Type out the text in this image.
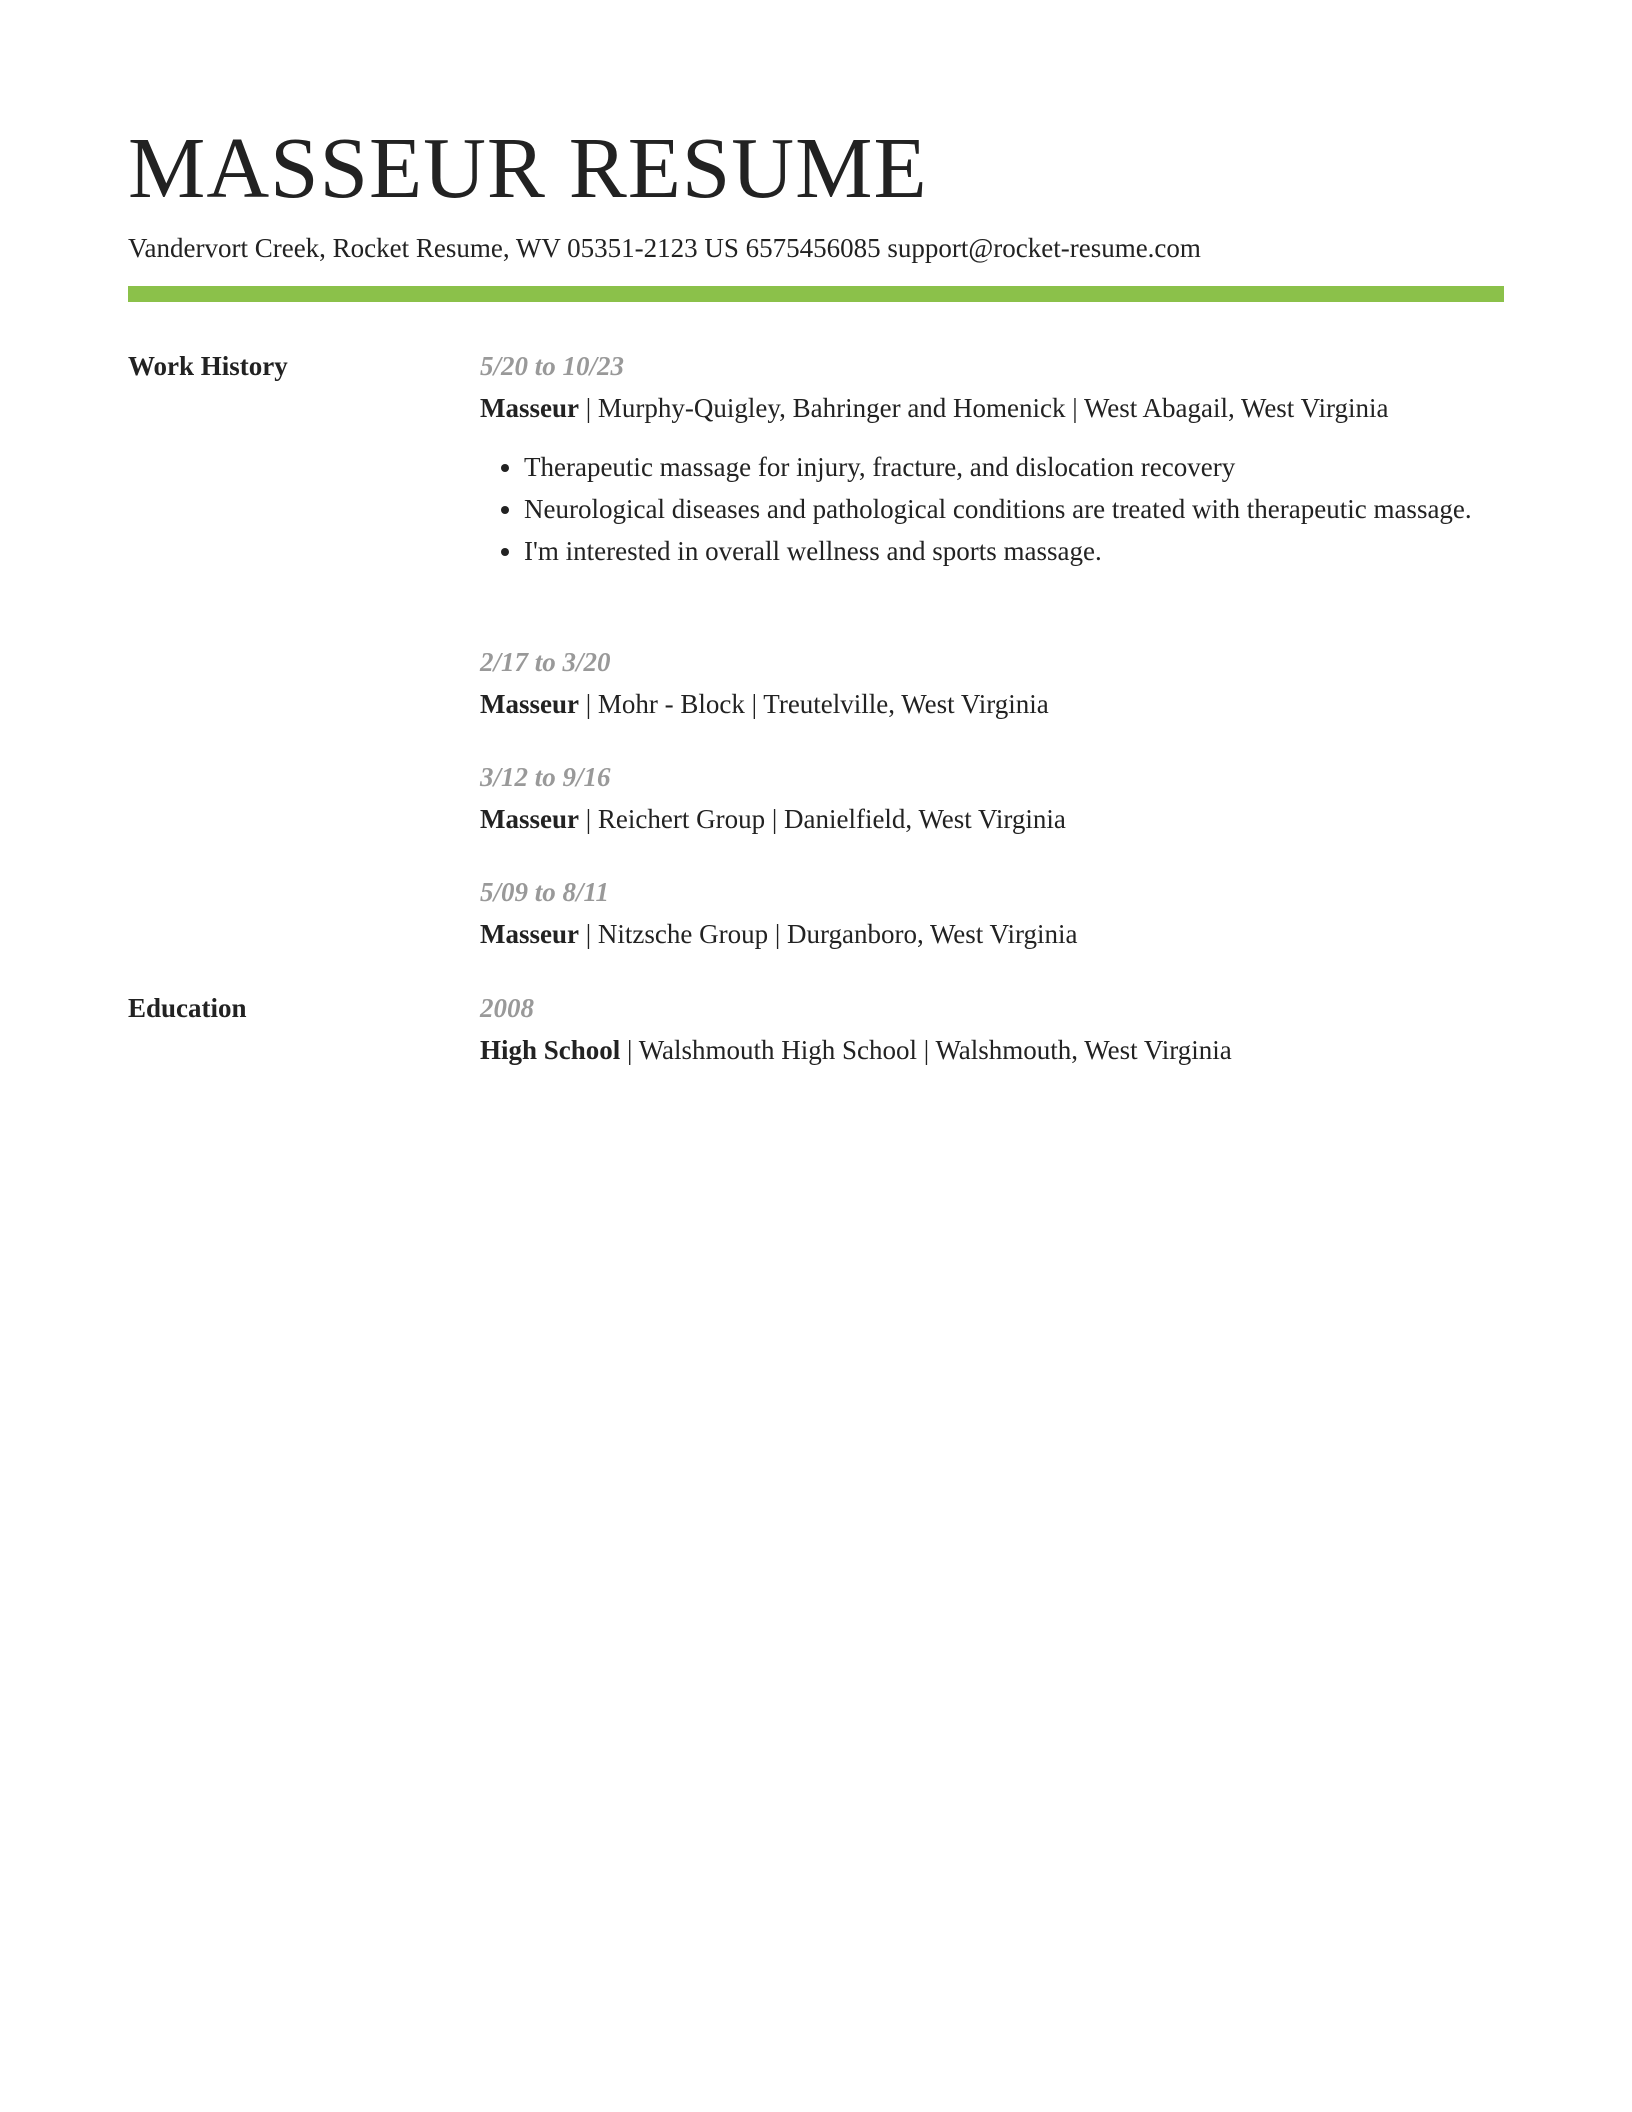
MASSEUR RESUME
Vandervort Creek, Rocket Resume, WV 05351-2123 US 6575456085 support@rocket-resume.com
Work History	5/20 to 10/23
Masseur | Murphy-Quigley, Bahringer and Homenick | West Abagail, West Virginia
• Therapeutic massage for injury, fracture, and dislocation recovery
• Neurological diseases and pathological conditions are treated with therapeutic massage.
• I'm interested in overall wellness and sports massage.
2/17 to 3/20
Masseur | Mohr - Block | Treutelville, West Virginia
3/12 to 9/16
Masseur | Reichert Group | Danielfield, West Virginia
5/09 to 8/11
Masseur | Nitzsche Group | Durganboro, West Virginia
Education	2008
High School | Walshmouth High School | Walshmouth, West Virginia
